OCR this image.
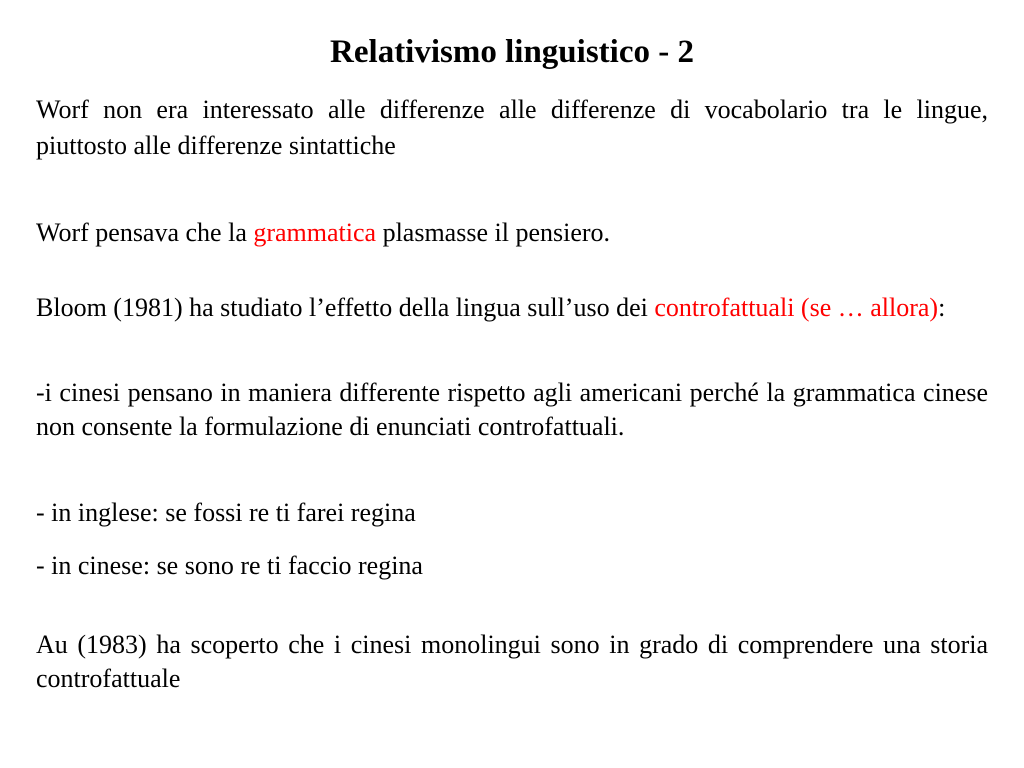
Relativismo linguistico - 2

Worf non era interessato alle differenze alle differenze di vocabolario tra le lingue, piuttosto alle differenze sintattiche

Worf pensava che la grammatica plasmasse il pensiero.

Bloom (1981) ha studiato l’effetto della lingua sull’uso dei controfattuali (se … allora):

-i cinesi pensano in maniera differente rispetto agli americani perché la grammatica cinese non consente la formulazione di enunciati controfattuali.

- in inglese: se fossi re ti farei regina

- in cinese: se sono re ti faccio regina

Au (1983) ha scoperto che i cinesi monolingui sono in grado di comprendere una storia controfattuale
